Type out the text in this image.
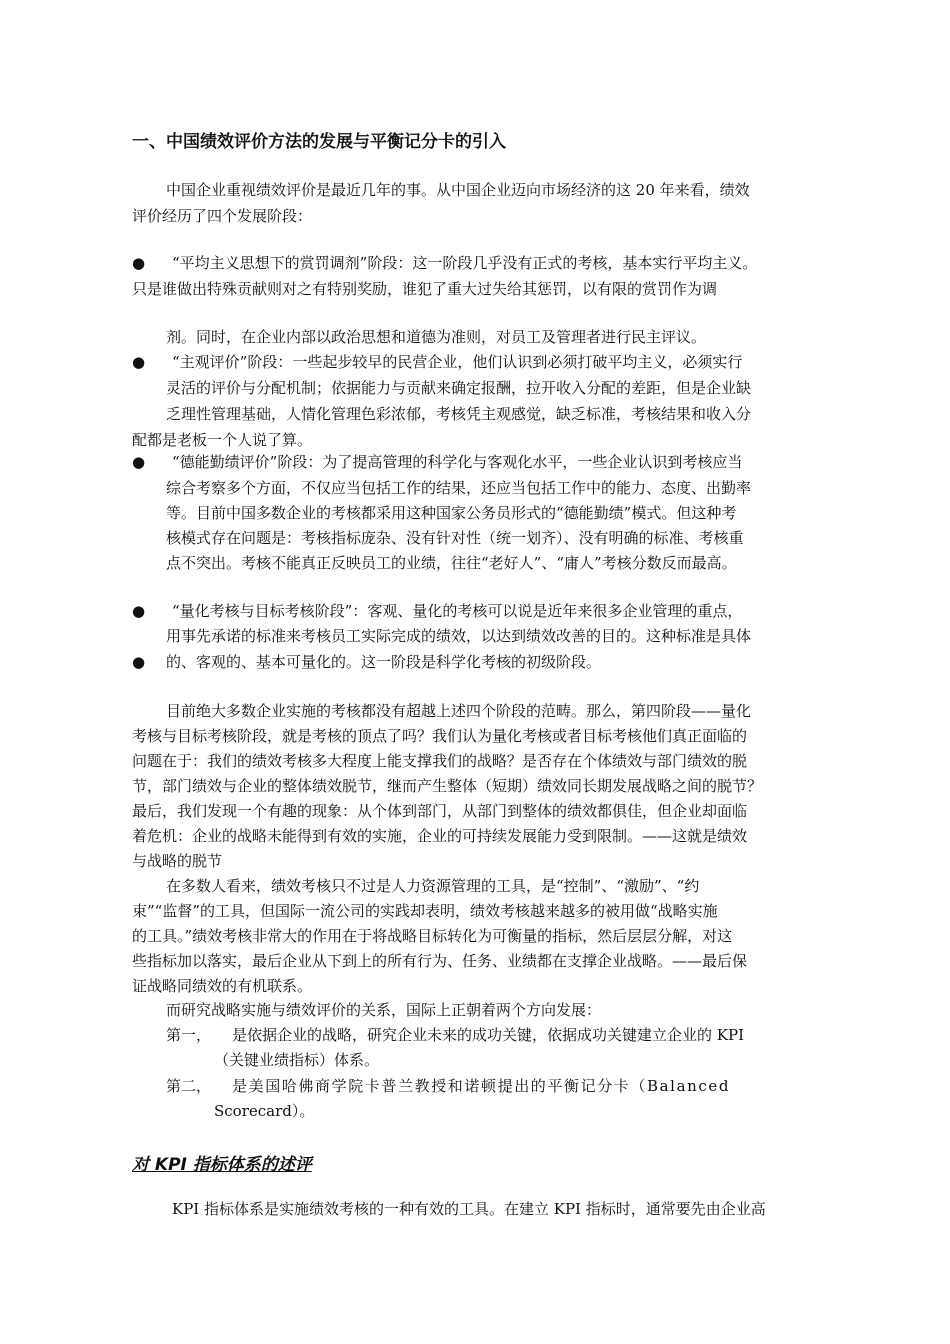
一、中国绩效评价方法的发展与平衡记分卡的引入
中国企业重视绩效评价是最近几年的事。从中国企业迈向市场经济的这 20 年来看，绩效
评价经历了四个发展阶段：
● “平均主义思想下的赏罚调剂”阶段：这一阶段几乎没有正式的考核，基本实行平均主义。
只是谁做出特殊贡献则对之有特别奖励，谁犯了重大过失给其惩罚，以有限的赏罚作为调
剂。同时，在企业内部以政治思想和道德为准则，对员工及管理者进行民主评议。
● “主观评价”阶段：一些起步较早的民营企业，他们认识到必须打破平均主义，必须实行
灵活的评价与分配机制；依据能力与贡献来确定报酬，拉开收入分配的差距，但是企业缺
乏理性管理基础，人情化管理色彩浓郁，考核凭主观感觉，缺乏标准，考核结果和收入分
配都是老板一个人说了算。
● “德能勤绩评价”阶段：为了提高管理的科学化与客观化水平，一些企业认识到考核应当
综合考察多个方面，不仅应当包括工作的结果，还应当包括工作中的能力、态度、出勤率
等。目前中国多数企业的考核都采用这种国家公务员形式的“德能勤绩”模式。但这种考
核模式存在问题是：考核指标庞杂、没有针对性（统一划齐）、没有明确的标准、考核重
点不突出。考核不能真正反映员工的业绩，往往“老好人”、“庸人”考核分数反而最高。
● “量化考核与目标考核阶段”：客观、量化的考核可以说是近年来很多企业管理的重点，
用事先承诺的标准来考核员工实际完成的绩效，以达到绩效改善的目的。这种标准是具体
● 的、客观的、基本可量化的。这一阶段是科学化考核的初级阶段。
目前绝大多数企业实施的考核都没有超越上述四个阶段的范畴。那么，第四阶段——量化
考核与目标考核阶段，就是考核的顶点了吗？我们认为量化考核或者目标考核他们真正面临的
问题在于：我们的绩效考核多大程度上能支撑我们的战略？是否存在个体绩效与部门绩效的脱
节，部门绩效与企业的整体绩效脱节，继而产生整体（短期）绩效同长期发展战略之间的脱节？
最后，我们发现一个有趣的现象：从个体到部门，从部门到整体的绩效都俱佳，但企业却面临
着危机：企业的战略未能得到有效的实施，企业的可持续发展能力受到限制。——这就是绩效
与战略的脱节
在多数人看来，绩效考核只不过是人力资源管理的工具，是“控制”、“激励”、“约
束”“监督”的工具，但国际一流公司的实践却表明，绩效考核越来越多的被用做“战略实施
的工具。”绩效考核非常大的作用在于将战略目标转化为可衡量的指标，然后层层分解，对这
些指标加以落实，最后企业从下到上的所有行为、任务、业绩都在支撑企业战略。——最后保
证战略同绩效的有机联系。
而研究战略实施与绩效评价的关系，国际上正朝着两个方向发展：
第一， 是依据企业的战略，研究企业未来的成功关键，依据成功关键建立企业的 KPI
（关键业绩指标）体系。
第二， 是美国哈佛商学院卡普兰教授和诺顿提出的平衡记分卡（Balanced
Scorecard）。
对 KPI 指标体系的述评
KPI 指标体系是实施绩效考核的一种有效的工具。在建立 KPI 指标时，通常要先由企业高
